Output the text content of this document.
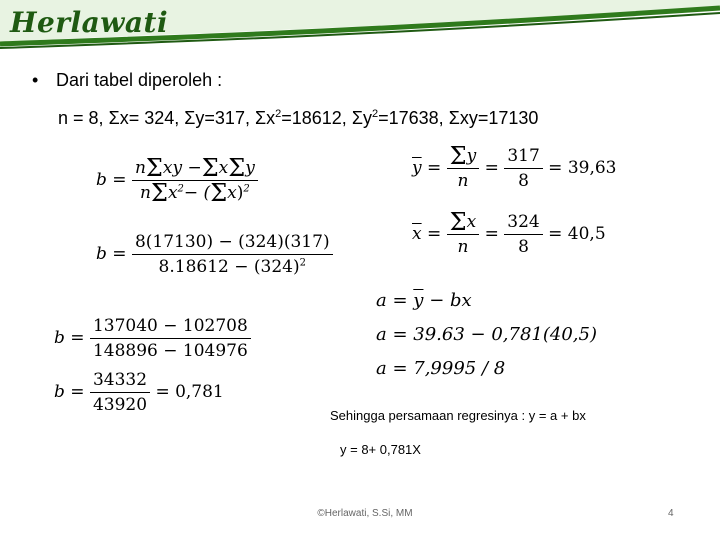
Herlawati
• Dari tabel diperoleh :
n = 8, Σx= 324, Σy=317, $\Sigma x^2=18612$, $\Sigma y^2=17638$, Σxy=17130
$b = \frac{\text{nΣxy −ΣxΣy}}{n\Sigma x^2- (\Sigma x)^2}$
$b = \frac{8(17130) - (324)(317)}{8.18612 - (324)^2}$
$b = \frac{137040 - 102708}{148896 - 104976}$
$b = \frac{34332}{43920} = 0,781$
$\overline{y} = \frac{\Sigma y}{n} = \frac{317}{8} = 39,63$
$\overline{x} = \frac{\Sigma x}{n} = \frac{324}{8} = 40,5$
$a = \overline{y}$ − bx
a = 39.63 − 0,781(40,5)
a = 7,9995 / 8
Sehingga persamaan regresinya : y = a + bx
y = 8+ 0,781X
©Herlawati, S.Si, MM	4
